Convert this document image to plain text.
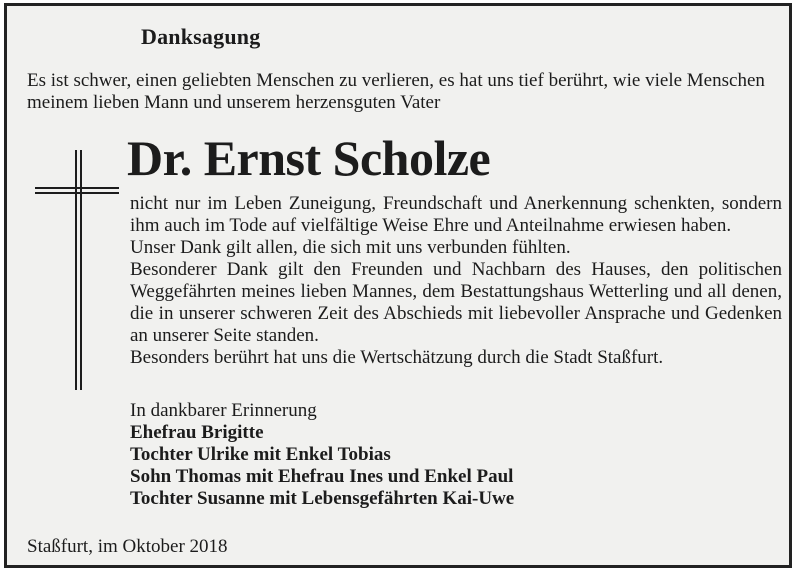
Danksagung
Es ist schwer, einen geliebten Menschen zu verlieren, es hat uns tief berührt, wie viele Menschen
meinem lieben Mann und unserem herzensguten Vater
Dr. Ernst Scholze
nicht nur im Leben Zuneigung, Freundschaft und Anerkennung schenkten, sondern ihm auch im Tode auf vielfältige Weise Ehre und Anteilnahme erwiesen haben.
Unser Dank gilt allen, die sich mit uns verbunden fühlten.
Besonderer Dank gilt den Freunden und Nachbarn des Hauses, den politischen Weggefährten meines lieben Mannes, dem Bestattungshaus Wetterling und all denen, die in unserer schweren Zeit des Abschieds mit liebevoller Ansprache und Gedenken an unserer Seite standen.
Besonders berührt hat uns die Wertschätzung durch die Stadt Staßfurt.
In dankbarer Erinnerung
Ehefrau Brigitte
Tochter Ulrike mit Enkel Tobias
Sohn Thomas mit Ehefrau Ines und Enkel Paul
Tochter Susanne mit Lebensgefährten Kai-Uwe
Staßfurt, im Oktober 2018
